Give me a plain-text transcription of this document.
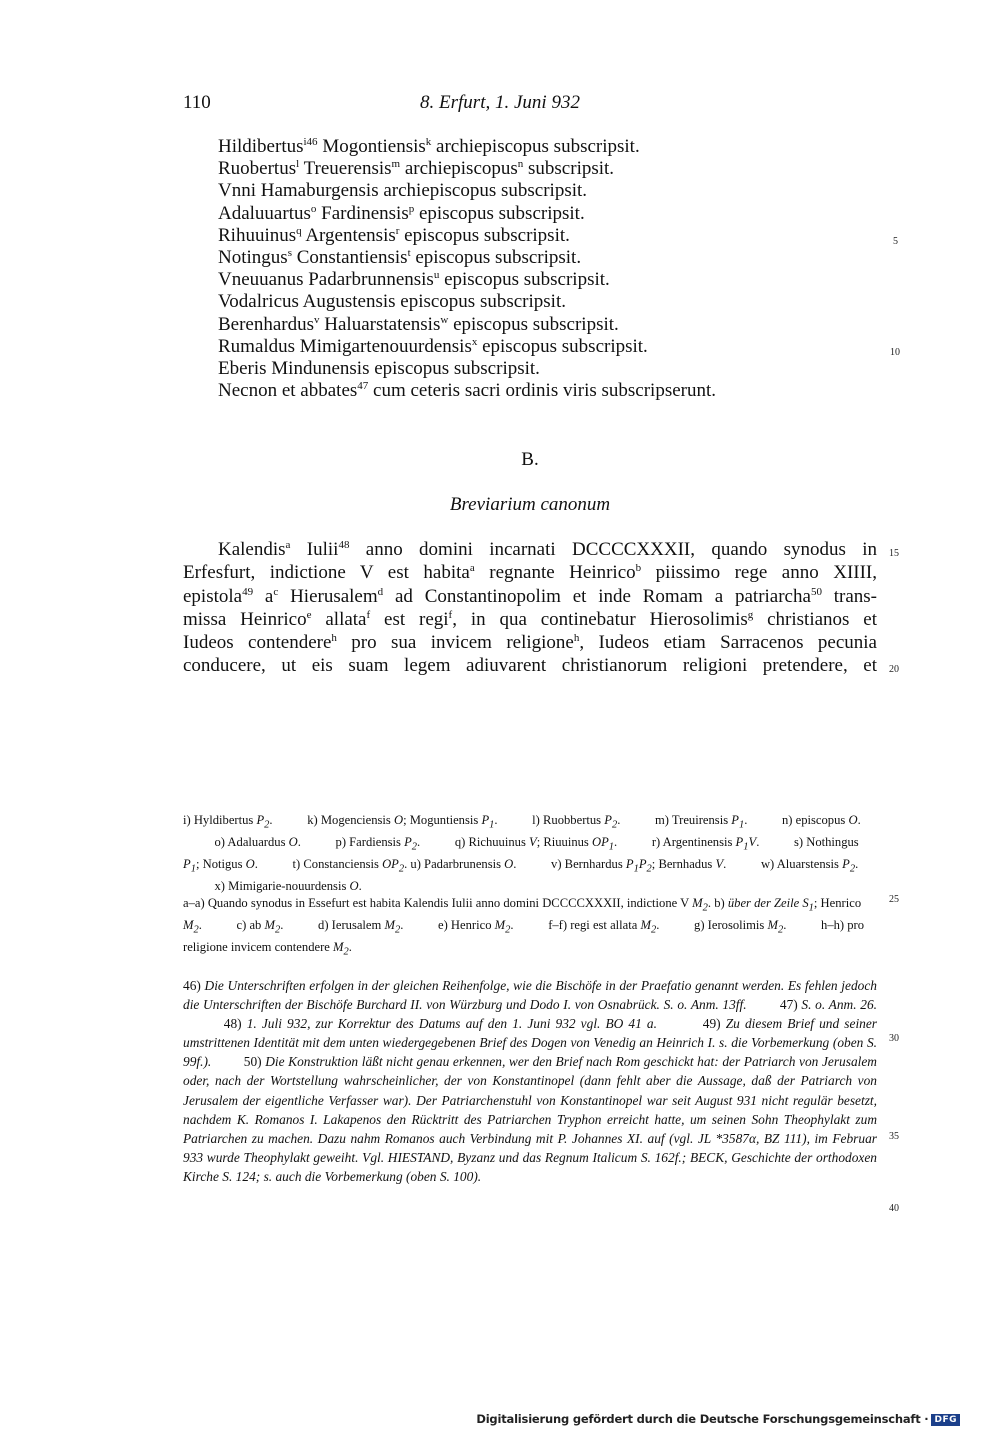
110	8. Erfurt, 1. Juni 932
Hildibertus$^{i46}$ Mogontiensis$^k$ archiepiscopus subscripsit.
Ruobertus$^l$ Treuerensis$^m$ archiepiscopus$^n$ subscripsit.
Vnni Hamaburgensis archiepiscopus subscripsit.
Adaluuartus$^o$ Fardinensis$^p$ episcopus subscripsit.
Rihuuinus$^q$ Argentensis$^r$ episcopus subscripsit.
Notingus$^s$ Constantiensis$^t$ episcopus subscripsit.
Vneuuanus Padarbrunnensis$^u$ episcopus subscripsit.
Vodalricus Augustensis episcopus subscripsit.
Berenhardus$^v$ Haluarstatensis$^w$ episcopus subscripsit.
Rumaldus Mimigartenouurdensis$^x$ episcopus subscripsit.
Eberis Mindunensis episcopus subscripsit.
Necnon et abbates$^{47}$ cum ceteris sacri ordinis viris subscripserunt.
5
10
B.
Breviarium canonum
Kalendis$^a$ Iulii$^{48}$ anno domini incarnati DCCCCXXXII, quando synodus in
Erfesfurt, indictione V est habita$^a$ regnante Heinrico$^b$ piissimo rege anno XIIII,
epistola$^{49}$ $a^c$ Hierusalem$^d$ ad Constantinopolim et inde Romam a patriarcha$^{50}$ trans-
missa Heinrico$^e$ allata$^f$ est regi$^f$, in qua continebatur Hierosolimis$^g$ christianos et
Iudeos contendere$^h$ pro sua invicem religione$^h$, Iudeos etiam Sarracenos pecunia
conducere, ut eis suam legem adiuvarent christianorum religioni pretendere, et
15
20

i) Hyldibertus $P_2$.           k) Mogenciensis O; Moguntiensis $P_1$.           l) Ruobbertus $P_2$.           m) Treuirensis $P_1$.           n) episcopus O.           o) Adaluardus O.           p) Fardiensis $P_2$.           q) Richuuinus V; Riuuinus $OP_1$.           r) Argentinensis $P_1V$.           s) Nothingus $P_1$; Notigus O.           t) Constanciensis $OP_2$. u) Padarbrunensis O.           v) Bernhardus $P_1P_2$; Bernhadus V.           w) Aluarstensis $P_2$.           x) Mimigarie-nouurdensis O.

a–a) Quando synodus in Essefurt est habita Kalendis Iulii anno domini DCCCCXXXII, indictione V $M_2$. b) über der Zeile $S_1$; Henrico $M_2$.           c) ab $M_2$.           d) Ierusalem $M_2$.           e) Henrico $M_2$.           f–f) regi est allata $M_2$.           g) Ierosolimis $M_2$.           h–h) pro religione invicem contendere $M_2$.

25

46) Die Unterschriften erfolgen in der gleichen Reihenfolge, wie die Bischöfe in der Praefatio genannt werden. Es fehlen jedoch die Unterschriften der Bischöfe Burchard II. von Würzburg und Dodo I. von Osnabrück. S. o. Anm. 13ff.         47) S. o. Anm. 26.         48) 1. Juli 932, zur Korrektur des Datums auf den 1. Juni 932 vgl. BO 41 a.         49) Zu diesem Brief und seiner umstrittenen Identität mit dem unten wiedergegebenen Brief des Dogen von Venedig an Heinrich I. s. die Vorbemerkung (oben S. 99f.).         50) Die Konstruktion läßt nicht genau erkennen, wer den Brief nach Rom geschickt hat: der Patriarch von Jerusalem oder, nach der Wortstellung wahrscheinlicher, der von Konstantinopel (dann fehlt aber die Aussage, daß der Patriarch von Jerusalem der eigentliche Verfasser war). Der Patriarchenstuhl von Konstantinopel war seit August 931 nicht regulär besetzt, nachdem K. Romanos I. Lakapenos den Rücktritt des Patriarchen Tryphon erreicht hatte, um seinen Sohn Theophylakt zum Patriarchen zu machen. Dazu nahm Romanos auch Verbindung mit P. Johannes XI. auf (vgl. JL *3587α, BZ 111), im Februar 933 wurde Theophylakt geweiht. Vgl. HIESTAND, Byzanz und das Regnum Italicum S. 162f.; BECK, Geschichte der orthodoxen Kirche S. 124; s. auch die Vorbemerkung (oben S. 100).

30
35
40
Digitalisierung gefördert durch die Deutsche Forschungsgemeinschaft · DFG
